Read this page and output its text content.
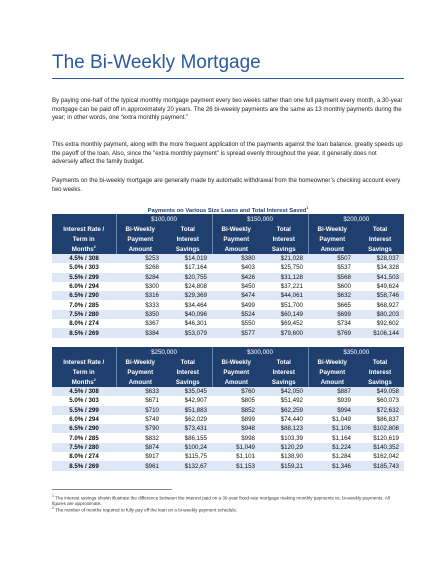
The Bi-Weekly Mortgage

By paying one-half of the typical monthly mortgage payment every two weeks rather than one full payment every month, a 30-year mortgage can be paid off in approximately 20 years. The 26 bi-weekly payments are the same as 13 monthly payments during the year; in other words, one “extra monthly payment.”

This extra monthly payment, along with the more frequent application of the payments against the loan balance, greatly speeds up the payoff of the loan. Also, since the “extra monthly payment” is spread evenly throughout the year, it generally does not adversely affect the family budget.

Payments on the bi-weekly mortgage are generally made by automatic withdrawal from the homeowner’s checking account every two weeks.

Payments on Various Size Loans and Total Interest Saved$^1$
	$100,000		$150,000		$200,000	
Interest Rate /	Bi-Weekly	Total	Bi-Weekly	Total	Bi-Weekly	Total
Term in	Payment	Interest	Payment	Interest	Payment	Interest
Months$^2$	Amount	Savings	Amount	Savings	Amount	Savings
4.5% / 308	$253	$14,019	$380	$21,028	$507	$28,037
5.0% / 303	$268	$17,164	$403	$25,750	$537	$34,328
5.5% / 299	$284	$20,755	$426	$31,128	$568	$41,503
6.0% / 294	$300	$24,808	$450	$37,221	$600	$49,624
6.5% / 290	$316	$29,369	$474	$44,061	$632	$58,746
7.0% / 285	$333	$34,464	$499	$51,700	$665	$68,927
7.5% / 280	$350	$40,096	$524	$60,149	$699	$80,203
8.0% / 274	$367	$46,301	$550	$69,452	$734	$92,602
8.5% / 269	$384	$53,079	$577	$79,600	$769	$106,144
	$250,000		$300,000		$350,000	
Interest Rate /	Bi-Weekly	Total	Bi-Weekly	Total	Bi-Weekly	Total
Term in	Payment	Interest	Payment	Interest	Payment	Interest
Months$^2$	Amount	Savings	Amount	Savings	Amount	Savings
4.5% / 308	$633	$35,045	$760	$42,050	$887	$49,058
5.0% / 303	$671	$42,907	$805	$51,492	$939	$60,073
5.5% / 299	$710	$51,883	$852	$62,259	$994	$72,632
6.0% / 294	$749	$62,029	$899	$74,440	$1,049	$86,837
6.5% / 290	$790	$73,431	$948	$88,123	$1,106	$102,808
7.0% / 285	$832	$86,155	$998	$103,39	$1,164	$120,619
7.5% / 280	$874	$100,24	$1,049	$120,29	$1,224	$140,352
8.0% / 274	$917	$115,75	$1,101	$138,90	$1,284	$162,042
8.5% / 269	$961	$132,67	$1,153	$159,21	$1,346	$185,743

$^1$ The interest savings shown illustrate the difference between the interest paid on a 30-year fixed-rate mortgage making monthly payments vs. bi-weekly payments. All figures are approximate.

$^2$ The number of months required to fully pay off the loan on a bi-weekly payment schedule.
